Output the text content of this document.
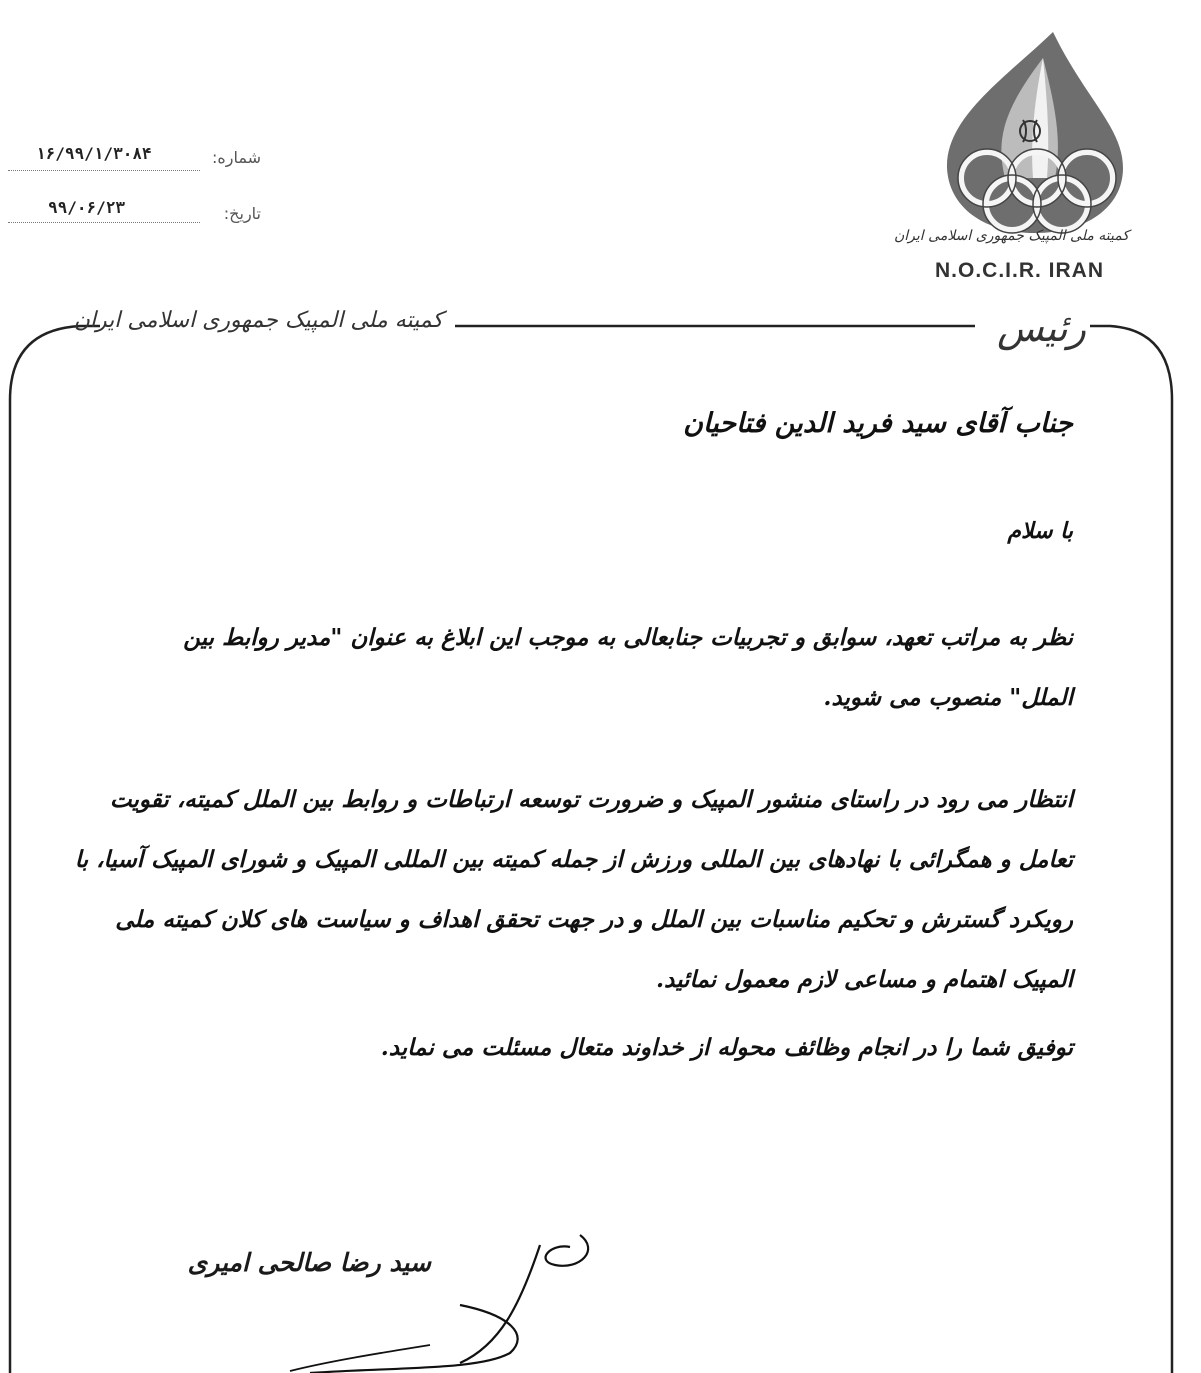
شماره:
۱۶/۹۹/۱/۳۰۸۴
تاریخ:
۹۹/۰۶/۲۳
کمیته ملی المپیک جمهوری اسلامی ایران
N.O.C.I.R. IRAN
کمیته ملی المپیک جمهوری اسلامی ایران	رئیس
جناب آقای سید فرید الدین فتاحیان
با سلام
نظر به مراتب تعهد، سوابق و تجربیات جنابعالی به موجب این ابلاغ به عنوان "مدیر روابط بین الملل" منصوب می شوید.
انتظار می رود در راستای منشور المپیک و ضرورت توسعه ارتباطات و روابط بین الملل کمیته، تقویت تعامل و همگرائی با نهادهای بین المللی ورزش از جمله کمیته بین المللی المپیک و شورای المپیک آسیا، با رویکرد گسترش و تحکیم مناسبات بین الملل و در جهت تحقق اهداف و سیاست های کلان کمیته ملی المپیک اهتمام و مساعی لازم معمول نمائید.
توفیق شما را در انجام وظائف محوله از خداوند متعال مسئلت می نماید.
سید رضا صالحی امیری
